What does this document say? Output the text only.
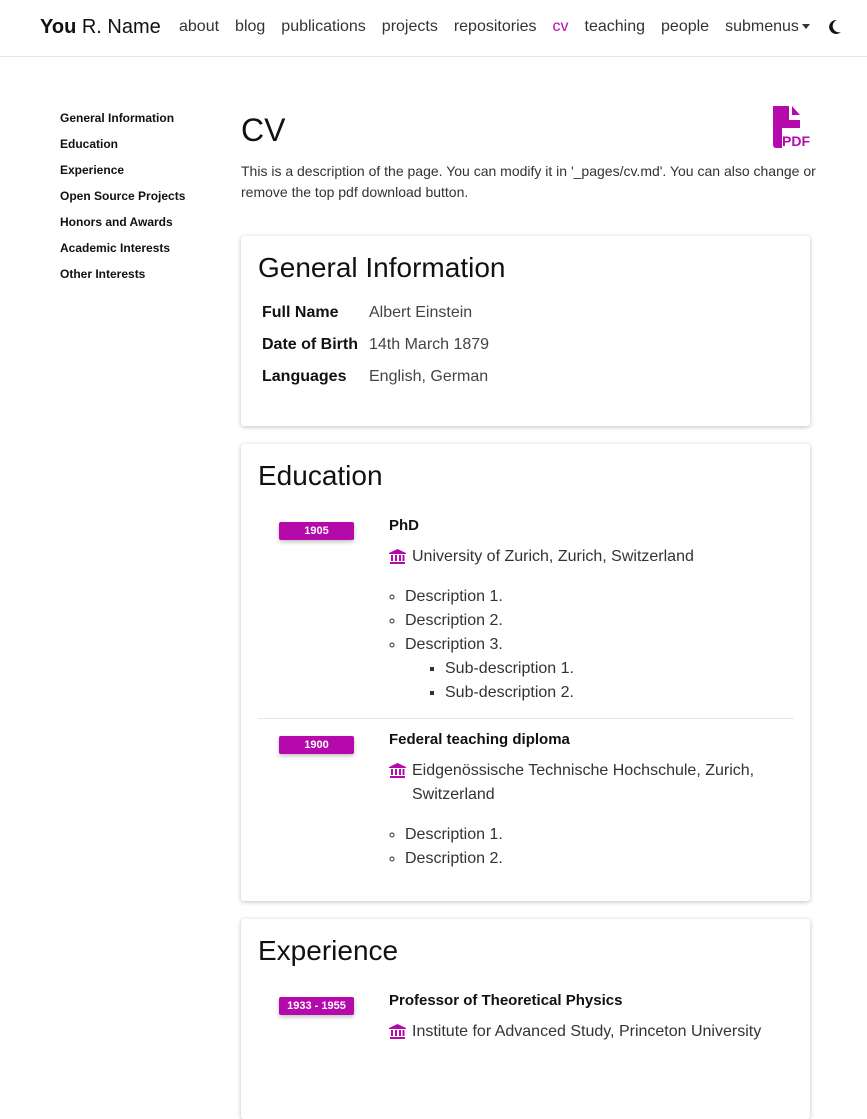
You R. Name about blog publications projects repositories cv teaching people submenus
General Information
Education
Experience
Open Source Projects
Honors and Awards
Academic Interests
Other Interests
CV	PDF
This is a description of the page. You can modify it in '_pages/cv.md'. You can also change or remove the top pdf download button.
General Information
Full Name Albert Einstein
Date of Birth 14th March 1879
Languages English, German
Education
1905	PhD
University of Zurich, Zurich, Switzerland
◦ Description 1.
◦ Description 2.
◦ Description 3.
▪ Sub-description 1.
▪ Sub-description 2.
1900	Federal teaching diploma
Eidgenössische Technische Hochschule, Zurich, Switzerland
◦ Description 1.
◦ Description 2.
Experience
1933 - 1955	Professor of Theoretical Physics
Institute for Advanced Study, Princeton University
